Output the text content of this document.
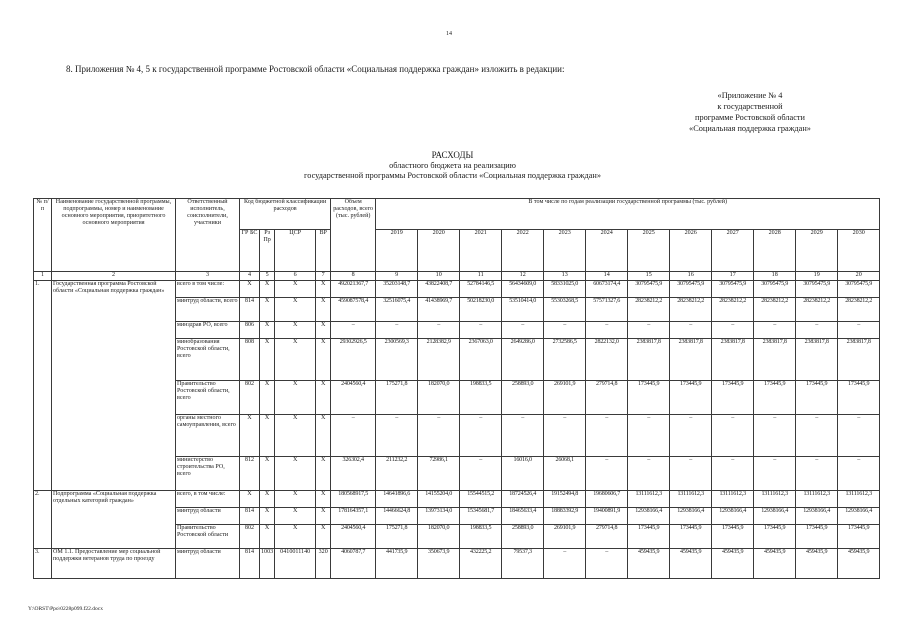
14
8. Приложения № 4, 5 к государственной программе Ростовской области «Социальная поддержка граждан» изложить в редакции:
«Приложение № 4
к государственной
программе Ростовской области
«Социальная поддержка граждан»
РАСХОДЫ
областного бюджета на реализацию
государственной программы Ростовской области «Социальная поддержка граждан»
№ п/п	Наименование государственной программы, подпрограммы, номер и наименование основного мероприятия, приоритетного основного мероприятия	Ответственный исполнитель, соисполнители, участники	Код бюджетной классификации расходов				Объем расходов, всего (тыс. рублей)	В том числе по годам реализации государственной программы (тыс. рублей)											
			ГР БС	Рз Пр	ЦСР	ВР		2019	2020	2021	2022	2023	2024	2025	2026	2027	2028	2029	2030
1	2	3	4	5	6	7	8	9	10	11	12	13	14	15	16	17	18	19	20
1.	Государственная программа Ростовской области «Социальная поддержка граждан»	всего в том числе:	X	X	X	X	492021367,7	35203148,7	43822408,7	52784146,5	56434609,0	58331025,0	60673174,4	30795475,9	30795475,9	30795475,9	30795475,9	30795475,9	30795475,9
		минтруд области, всего	814	X	X	X	459087578,4	32516075,4	41438969,7	50218230,0	53510414,0	55303268,5	57571327,6	28238212,2	28238212,2	28238212,2	28238212,2	28238212,2	28238212,2
		минздрав РО, всего	806	X	X	X	–	–	–	–	–	–	–	–	–	–	–	–	–
		минобразования Ростовской области, всего	808	X	X	X	29302926,5	2300569,3	2128382,9	2367063,0	2649286,0	2732586,5	2822132,0	2383817,8	2383817,8	2383817,8	2383817,8	2383817,8	2383817,8
		Правительство Ростовской области, всего	802	X	X	X	2404560,4	175271,8	182070,0	198833,5	258893,0	269101,9	279714,8	173445,9	173445,9	173445,9	173445,9	173445,9	173445,9
		органы местного самоуправления, всего	X	X	X	X	–	–	–	–	–	–	–	–	–	–	–	–	–
		министерство строительства РО, всего	812	X	X	X	326302,4	211232,2	72986,1	–	16016,0	26068,1	–	–	–	–	–	–	–
2.	Подпрограмма «Социальная поддержка отдельных категорий граждан»	всего, в том числе:	X	X	X	X	180568917,5	14641896,6	14155204,0	15544515,2	18724526,4	19152494,8	19680606,7	13111612,3	13111612,3	13111612,3	13111612,3	13111612,3	13111612,3
		минтруд области	814	X	X	X	178164357,1	14466624,8	13973134,0	15345681,7	18465633,4	18883392,9	19400891,9	12938166,4	12938166,4	12938166,4	12938166,4	12938166,4	12938166,4
		Правительство Ростовской области	802	X	X	X	2404560,4	175271,8	182070,0	198833,5	258893,0	269101,9	279714,8	173445,9	173445,9	173445,9	173445,9	173445,9	173445,9
3.	ОМ 1.1. Предоставление мер социальной поддержки ветеранов труда по проезду	минтруд области	814	1003	0410011140	320	4060787,7	441735,9	350673,9	432225,2	79537,3	–	–	459435,9	459435,9	459435,9	459435,9	459435,9	459435,9
Y:\ORST\Ppo\0228p099.f22.docx
